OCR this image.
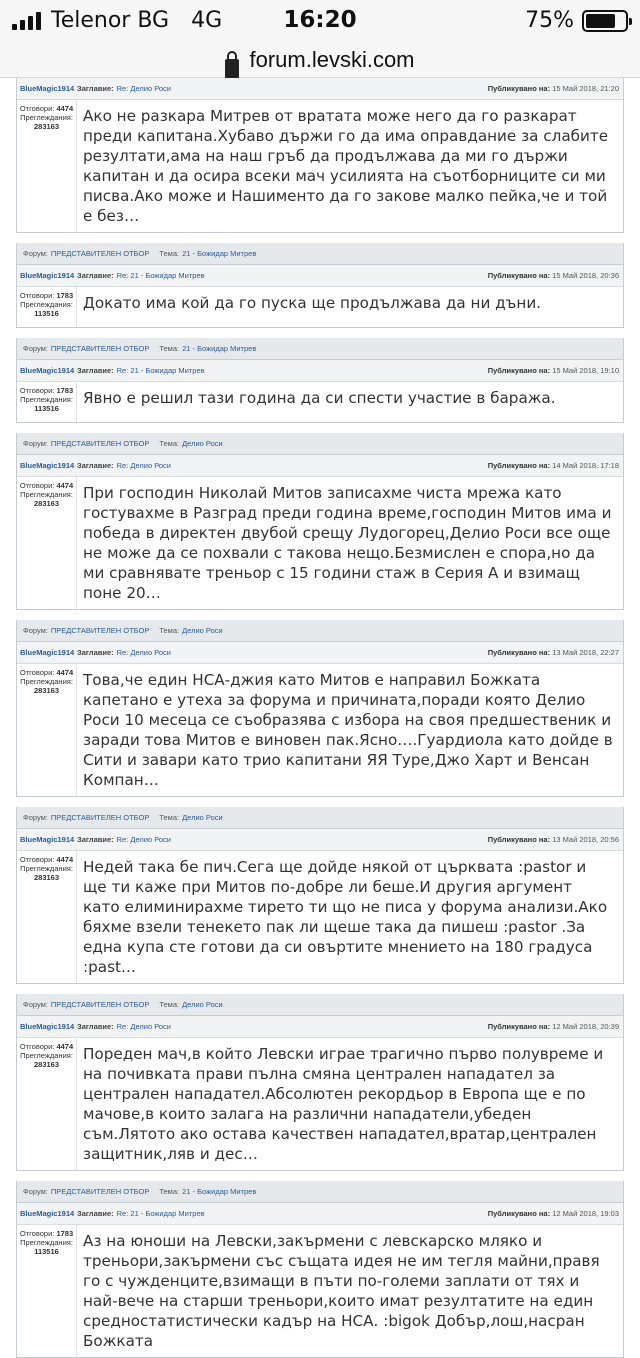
Telenor BG 4G	16:20	75%
forum.levski.com
BlueMagic1914 Заглавие: Re: Делио Роси	Публикувано на: 15 Май 2018, 21:20
Отговори: 4474
Преглеждания:
283163
Ако не разкара Митрев от вратата може него да го разкарат преди капитана.Хубаво държи го да има оправдание за слабите резултати,ама на наш гръб да продължава да ми го държи капитан и да осира всеки мач усилията на съотборниците си ми писва.Ако може и Нашименто да го закове малко пейка,че и той е без…
Форум: ПРЕДСТАВИТЕЛЕН ОТБОР Тема: 21 - Божидар Митрев
BlueMagic1914 Заглавие: Re: 21 - Божидар Митрев	Публикувано на: 15 Май 2018, 20:36
Отговори: 1783
Преглеждания:
113516
Докато има кой да го пуска ще продължава да ни дъни.
Форум: ПРЕДСТАВИТЕЛЕН ОТБОР Тема: 21 - Божидар Митрев
BlueMagic1914 Заглавие: Re: 21 - Божидар Митрев	Публикувано на: 15 Май 2018, 19:10
Отговори: 1783
Преглеждания:
113516
Явно е решил тази година да си спести участие в баража.
Форум: ПРЕДСТАВИТЕЛЕН ОТБОР Тема: Делио Роси
BlueMagic1914 Заглавие: Re: Делио Роси	Публикувано на: 14 Май 2018, 17:18
Отговори: 4474
Преглеждания:
283163
При господин Николай Митов записахме чиста мрежа като гостувахме в Разград преди година време,господин Митов има и победа в директен двубой срещу Лудогорец,Делио Роси все още не може да се похвали с такова нещо.Безмислен е спора,но да ми сравнявате треньор с 15 години стаж в Серия А и взимащ поне 20…
Форум: ПРЕДСТАВИТЕЛЕН ОТБОР Тема: Делио Роси
BlueMagic1914 Заглавие: Re: Делио Роси	Публикувано на: 13 Май 2018, 22:27
Отговори: 4474
Преглеждания:
283163
Това,че един НСА-джия като Митов е направил Божката капетано е утеха за форума и причината,поради която Делио Роси 10 месеца се съобразява с избора на своя предшественик и заради това Митов е виновен пак.Ясно….Гуардиола като дойде в Сити и завари като трио капитани ЯЯ Туре,Джо Харт и Венсан Компан…
Форум: ПРЕДСТАВИТЕЛЕН ОТБОР Тема: Делио Роси
BlueMagic1914 Заглавие: Re: Делио Роси	Публикувано на: 13 Май 2018, 20:56
Отговори: 4474
Преглеждания:
283163
Недей така бе пич.Сега ще дойде някой от църквата :pastor и ще ти каже при Митов по-добре ли беше.И другия аргумент като елиминирахме тирето ти що не писа у форума анализи.Ако бяхме взели тенекето пак ли щеше така да пишеш :pastor .За една купа сте готови да си овъртите мнението на 180 градуса :past…
Форум: ПРЕДСТАВИТЕЛЕН ОТБОР Тема: Делио Роси
BlueMagic1914 Заглавие: Re: Делио Роси	Публикувано на: 12 Май 2018, 20:39
Отговори: 4474
Преглеждания:
283163
Пореден мач,в който Левски играе трагично първо полувреме и на почивката прави пълна смяна централен нападател за централен нападател.Абсолютен рекордьор в Европа ще е по мачове,в които залага на различни нападатели,убеден съм.Лятото ако остава качествен нападател,вратар,централен защитник,ляв и дес…
Форум: ПРЕДСТАВИТЕЛЕН ОТБОР Тема: 21 - Божидар Митрев
BlueMagic1914 Заглавие: Re: 21 - Божидар Митрев	Публикувано на: 12 Май 2018, 19:03
Отговори: 1783
Преглеждания:
113516
Аз на юноши на Левски,закърмени с левскарско мляко и треньори,закърмени със същата идея не им тегля майни,правя го с чужденците,взимащи в пъти по-големи заплати от тях и най-вече на старши треньори,които имат резултатите на един средностатистически кадър на НСА. :bigok Добър,лош,насран Божката
